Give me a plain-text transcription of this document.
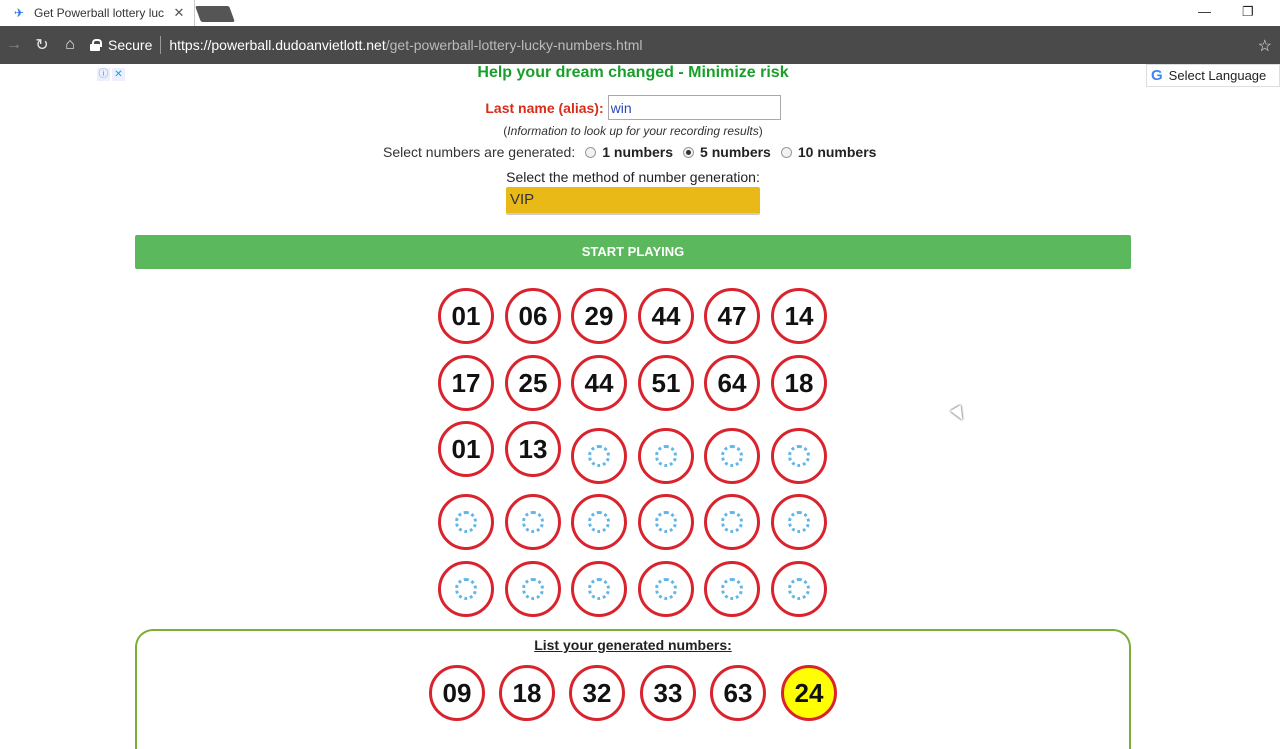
✈ Get Powerball lottery luc ✕	— ❐
→ ↻	⌂	Secure https://powerball.dudoanvietlott.net /get-powerball-lottery-lucky-numbers.html	☆
ⓘ ✕	Help your dream changed - Minimize risk	G Select Language
Last name (alias):
win
(Information to look up for your recording results)
Select numbers are generated: 1 numbers 5 numbers 10 numbers
Select the method of number generation:
VIP
START PLAYING
01	06	29	44	47	14
17	25	44	51	64	18
01	13
List your generated numbers:
09	18	32	33	63	24
